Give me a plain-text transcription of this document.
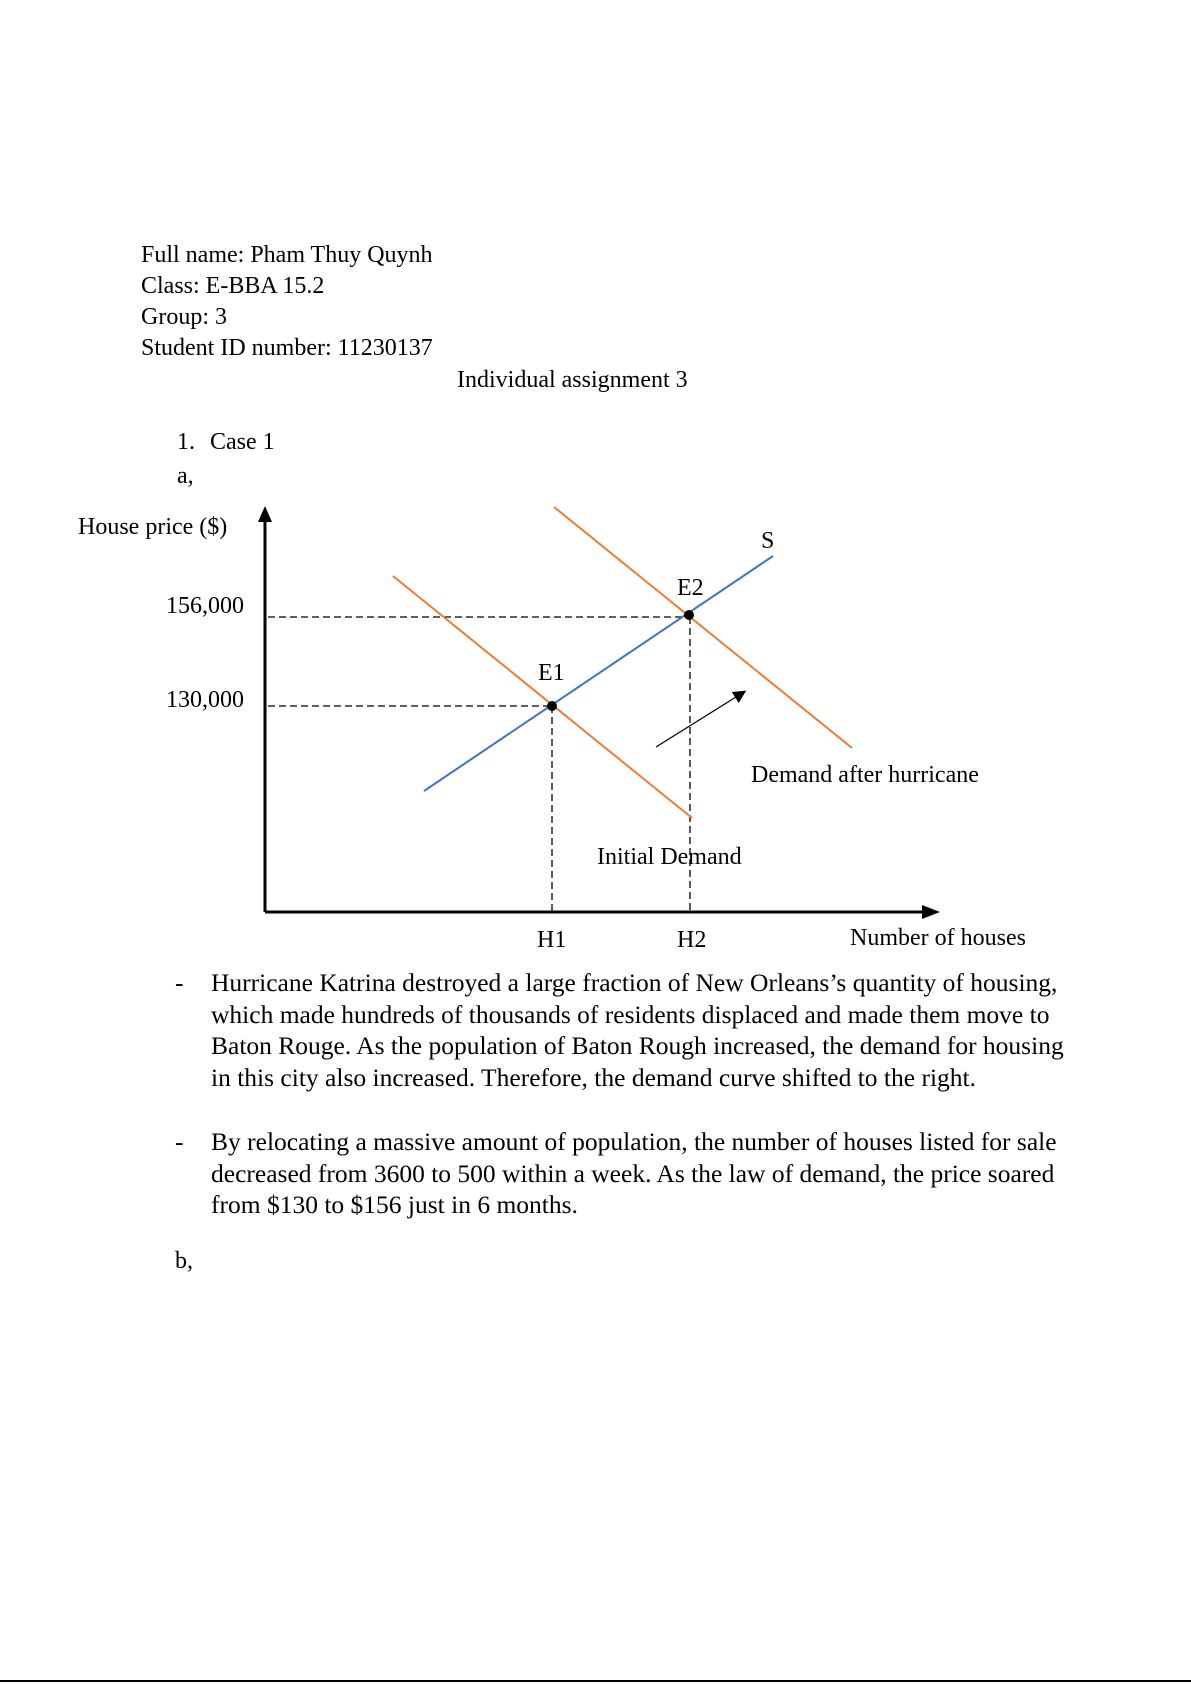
Full name: Pham Thuy Quynh
Class: E-BBA 15.2
Group: 3
Student ID number: 11230137
Individual assignment 3
1. Case 1
a,
House price ($)
156,000
130,000
S
E2
E1
Demand after hurricane
Initial Demand
H1	H2	Number of houses
- Hurricane Katrina destroyed a large fraction of New Orleans’s quantity of housing, which made hundreds of thousands of residents displaced and made them move to Baton Rouge. As the population of Baton Rough increased, the demand for housing in this city also increased. Therefore, the demand curve shifted to the right.
- By relocating a massive amount of population, the number of houses listed for sale decreased from 3600 to 500 within a week. As the law of demand, the price soared from $130 to $156 just in 6 months.
b,
